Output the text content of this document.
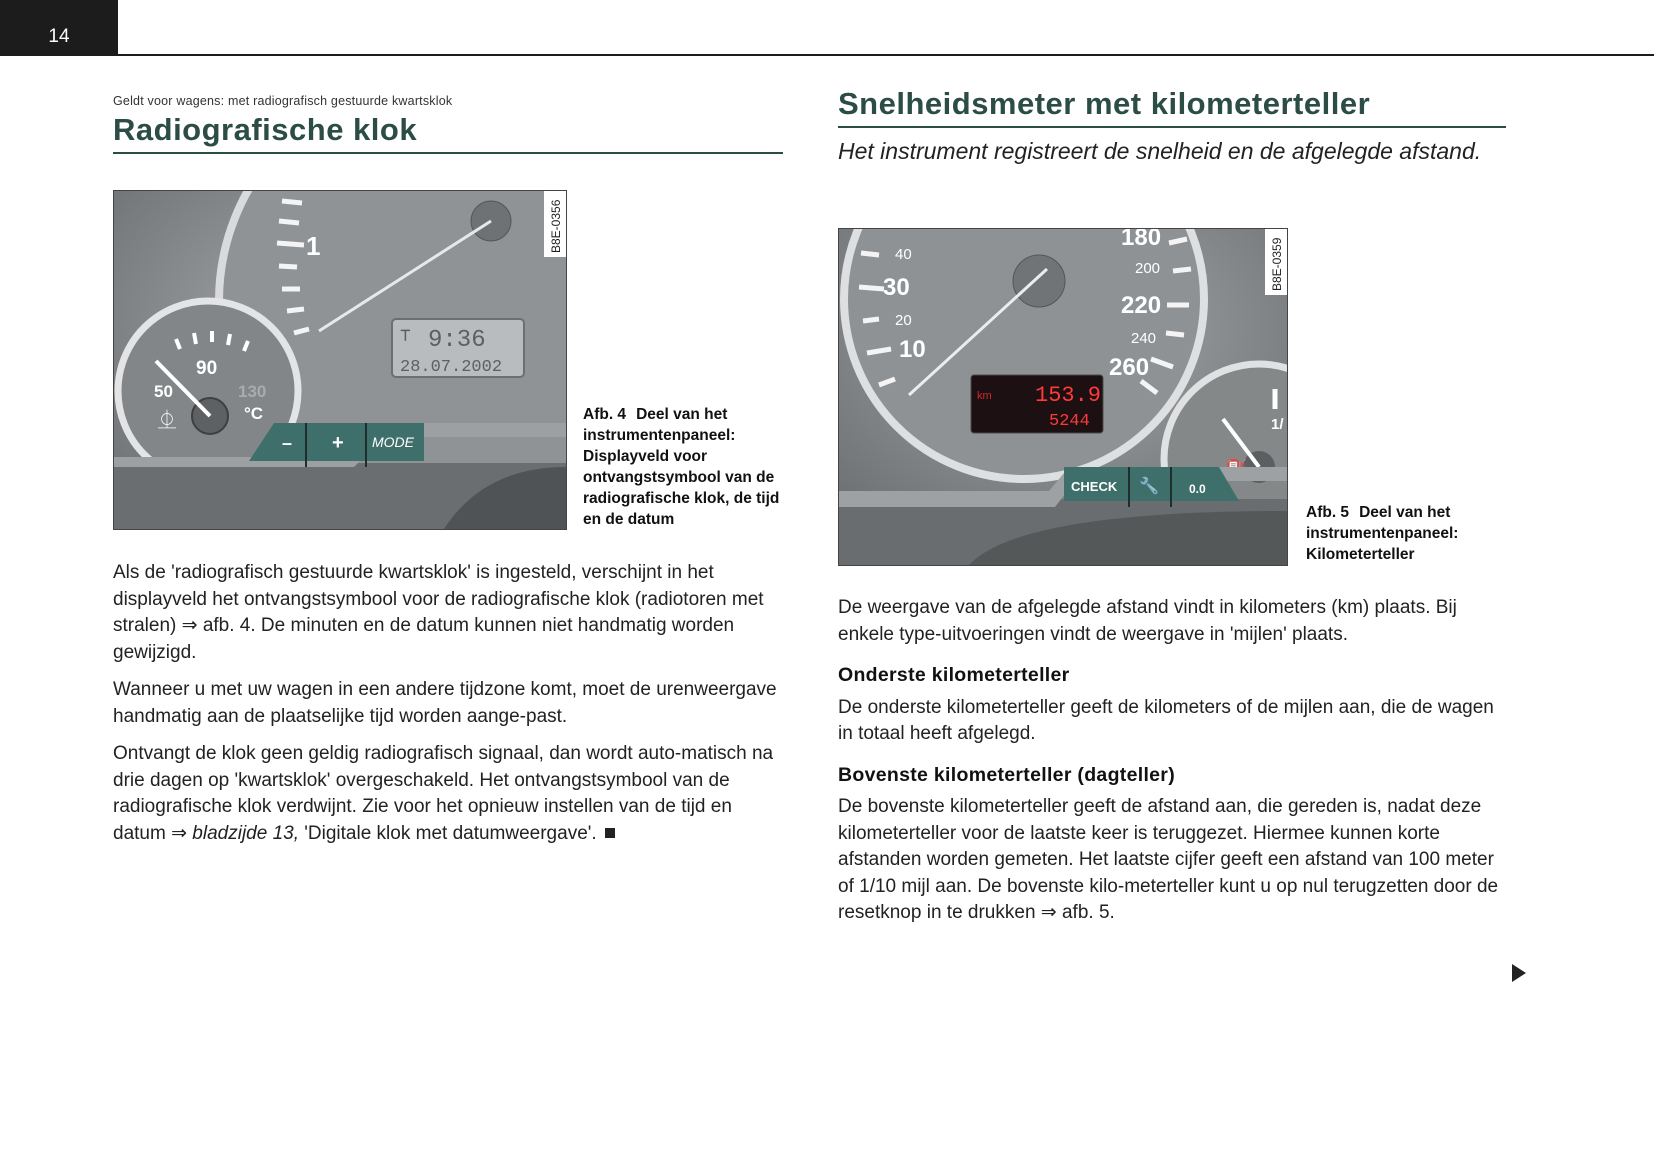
14
Geldt voor wagens: met radiografisch gestuurde kwartsklok
Radiografische klok
1
⊤ 9:36
28.07.2002
90
50	130
°C
⏂
– + MODE
B8E-0356
Afb. 4 Deel van het instrumentenpaneel: Displayveld voor ontvangstsymbool van de radiografische klok, de tijd en de datum

Als de 'radiografisch gestuurde kwartsklok' is ingesteld, verschijnt in het displayveld het ontvangstsymbool voor de radiografische klok (radiotoren met stralen) ⇒ afb. 4. De minuten en de datum kunnen niet handmatig worden gewijzigd.

Wanneer u met uw wagen in een andere tijdzone komt, moet de urenweergave handmatig aan de plaatselijke tijd worden aange-past.

Ontvangt de klok geen geldig radiografisch signaal, dan wordt auto-matisch na drie dagen op 'kwartsklok' overgeschakeld. Het ontvangstsymbool van de radiografische klok verdwijnt. Zie voor het opnieuw instellen van de tijd en datum ⇒ bladzijde 13, 'Digitale klok met datumweergave'.

Snelheidsmeter met kilometerteller
Het instrument registreert de snelheid en de afgelegde afstand.
40
30
20
10
180
200
220
240
260
km 153.9
5244	1/
CHECK 🔧	0.0
B8E-0359
Afb. 5 Deel van het instrumentenpaneel: Kilometerteller

De weergave van de afgelegde afstand vindt in kilometers (km) plaats. Bij enkele type-uitvoeringen vindt de weergave in 'mijlen' plaats.

Onderste kilometerteller

De onderste kilometerteller geeft de kilometers of de mijlen aan, die de wagen in totaal heeft afgelegd.

Bovenste kilometerteller (dagteller)

De bovenste kilometerteller geeft de afstand aan, die gereden is, nadat deze kilometerteller voor de laatste keer is teruggezet. Hiermee kunnen korte afstanden worden gemeten. Het laatste cijfer geeft een afstand van 100 meter of 1/10 mijl aan. De bovenste kilo-meterteller kunt u op nul terugzetten door de resetknop in te drukken ⇒ afb. 5.
